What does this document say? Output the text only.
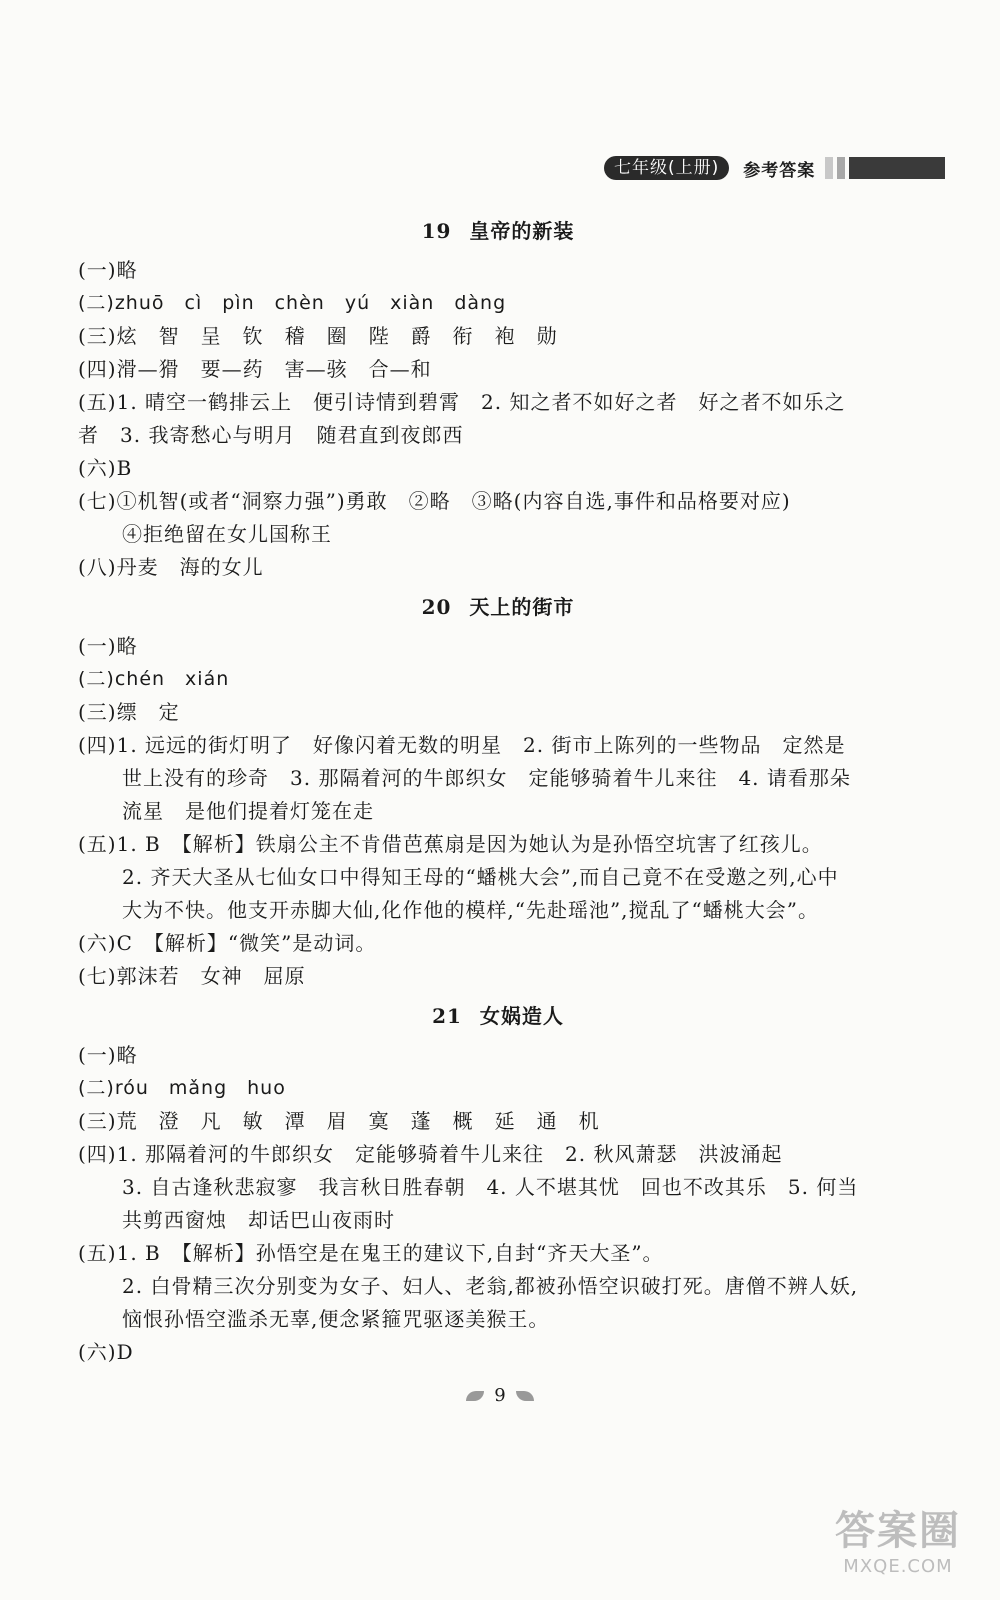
七年级(上册)	参考答案
19 皇帝的新装
(一)略
(二)zhuō　cì　pìn　chèn　yú　xiàn　dàng
(三)炫　智　呈　钦　稽　圈　陛　爵　衔　袍　勋
(四)滑—猾　要—药　害—骇　合—和
(五)1. 晴空一鹤排云上　便引诗情到碧霄　2. 知之者不如好之者　好之者不如乐之
者　3. 我寄愁心与明月　随君直到夜郎西
(六)B
(七)①机智(或者“洞察力强”)勇敢　②略　③略(内容自选,事件和品格要对应)
④拒绝留在女儿国称王
(八)丹麦　海的女儿
20 天上的街市
(一)略
(二)chén　xián
(三)缥　定
(四)1. 远远的街灯明了　好像闪着无数的明星　2. 街市上陈列的一些物品　定然是
世上没有的珍奇　3. 那隔着河的牛郎织女　定能够骑着牛儿来往　4. 请看那朵
流星　是他们提着灯笼在走
(五)1. B　【解析】铁扇公主不肯借芭蕉扇是因为她认为是孙悟空坑害了红孩儿。
2. 齐天大圣从七仙女口中得知王母的“蟠桃大会”,而自己竟不在受邀之列,心中
大为不快。他支开赤脚大仙,化作他的模样,“先赴瑶池”,搅乱了“蟠桃大会”。
(六)C　【解析】“微笑”是动词。
(七)郭沫若　女神　屈原
21 女娲造人
(一)略
(二)róu　mǎng　huo
(三)荒　澄　凡　敏　潭　眉　寞　蓬　概　延　通　机
(四)1. 那隔着河的牛郎织女　定能够骑着牛儿来往　2. 秋风萧瑟　洪波涌起
3. 自古逢秋悲寂寥　我言秋日胜春朝　4. 人不堪其忧　回也不改其乐　5. 何当
共剪西窗烛　却话巴山夜雨时
(五)1. B　【解析】孙悟空是在鬼王的建议下,自封“齐天大圣”。
2. 白骨精三次分别变为女子、妇人、老翁,都被孙悟空识破打死。唐僧不辨人妖,
恼恨孙悟空滥杀无辜,便念紧箍咒驱逐美猴王。
(六)D
9
答案圈
MXQE.COM
